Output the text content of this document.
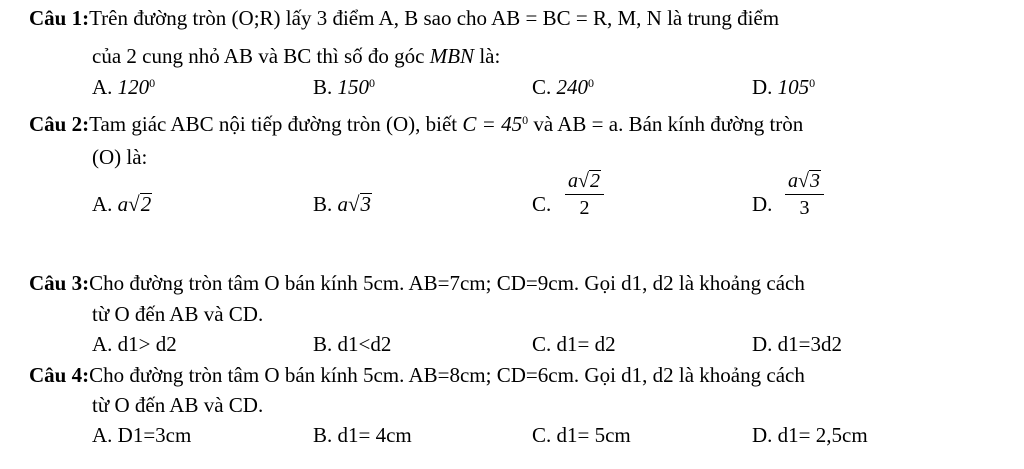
Câu 1:Trên đường tròn (O;R) lấy 3 điểm A, B sao cho AB = BC = R, M, N là trung điểm
của 2 cung nhỏ AB và BC thì số đo góc MBN là:
A. $120^0$	B. $150^0$	C. $240^0$	D. $105^0$
Câu 2:Tam giác ABC nội tiếp đường tròn (O), biết $C = 45^0$ và AB = a. Bán kính đường tròn
(O) là:
A. a√2	B. a√3	C. $\frac{a√2}{2}$	D. $\frac{a√3}{3}$
Câu 3:Cho đường tròn tâm O bán kính 5cm. AB=7cm; CD=9cm. Gọi d1, d2 là khoảng cách
từ O đến AB và CD.
A. d1> d2	B. d1<d2	C. d1= d2	D. d1=3d2
Câu 4:Cho đường tròn tâm O bán kính 5cm. AB=8cm; CD=6cm. Gọi d1, d2 là khoảng cách
từ O đến AB và CD.
A. D1=3cm	B. d1= 4cm	C. d1= 5cm	D. d1= 2,5cm
